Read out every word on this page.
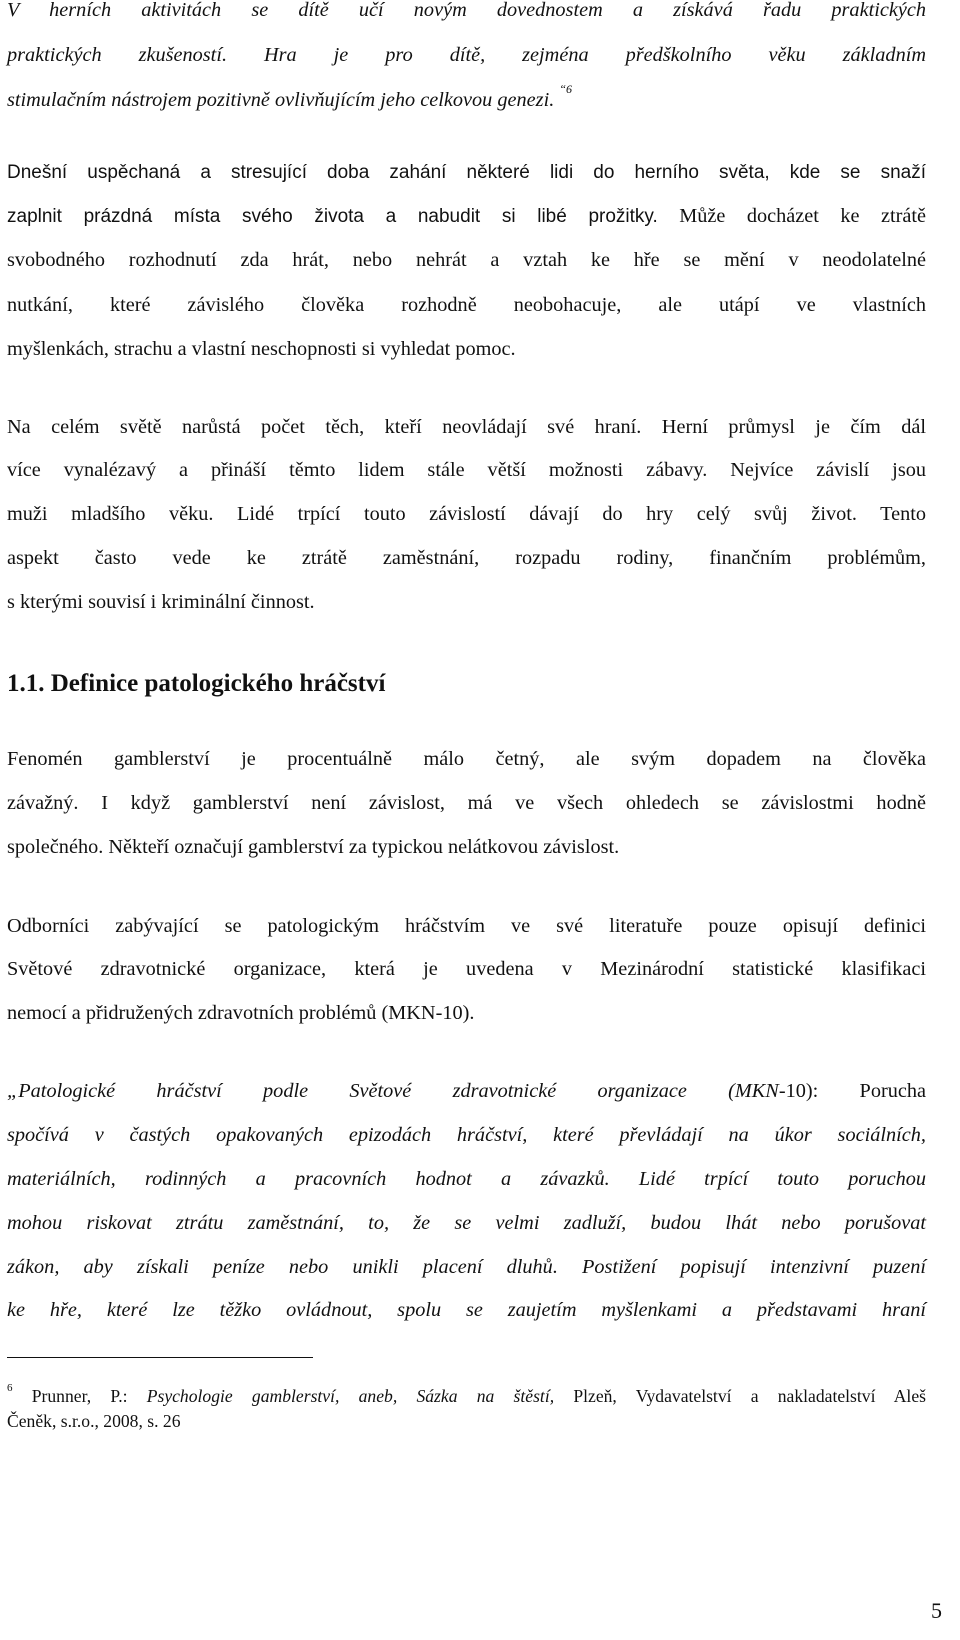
V herních aktivitách se dítě učí novým dovednostem a získává řadu praktických
praktických zkušeností. Hra je pro dítě, zejména předškolního věku základním
stimulačním nástrojem pozitivně ovlivňujícím jeho celkovou genezi. $^{“6}$
Dnešní uspěchaná a stresující doba zahání některé lidi do herního světa, kde se snaží
zaplnit prázdná místa svého života a nabudit si libé prožitky. Může docházet ke ztrátě
svobodného rozhodnutí zda hrát, nebo nehrát a vztah ke hře se mění v neodolatelné
nutkání, které závislého člověka rozhodně neobohacuje, ale utápí ve vlastních
myšlenkách, strachu a vlastní neschopnosti si vyhledat pomoc.
Na celém světě narůstá počet těch, kteří neovládají své hraní. Herní průmysl je čím dál
více vynalézavý a přináší těmto lidem stále větší možnosti zábavy. Nejvíce závislí jsou
muži mladšího věku. Lidé trpící touto závislostí dávají do hry celý svůj život. Tento
aspekt často vede ke ztrátě zaměstnání, rozpadu rodiny, finančním problémům,
s kterými souvisí i kriminální činnost.
1.1. Definice patologického hráčství
Fenomén gamblerství je procentuálně málo četný, ale svým dopadem na člověka
závažný. I když gamblerství není závislost, má ve všech ohledech se závislostmi hodně
společného. Někteří označují gamblerství za typickou nelátkovou závislost.
Odborníci zabývající se patologickým hráčstvím ve své literatuře pouze opisují definici
Světové zdravotnické organizace, která je uvedena v Mezinárodní statistické klasifikaci
nemocí a přidružených zdravotních problémů (MKN-10).
„Patologické hráčství podle Světové zdravotnické organizace (MKN-10): Porucha
spočívá v častých opakovaných epizodách hráčství, které převládají na úkor sociálních,
materiálních, rodinných a pracovních hodnot a závazků. Lidé trpící touto poruchou
mohou riskovat ztrátu zaměstnání, to, že se velmi zadluží, budou lhát nebo porušovat
zákon, aby získali peníze nebo unikli placení dluhů. Postižení popisují intenzivní puzení
ke hře, které lze těžko ovládnout, spolu se zaujetím myšlenkami a představami hraní
$^6$ Prunner, P.: Psychologie gamblerství, aneb, Sázka na štěstí, Plzeň, Vydavatelství a nakladatelství Aleš
Čeněk, s.r.o., 2008, s. 26
5
